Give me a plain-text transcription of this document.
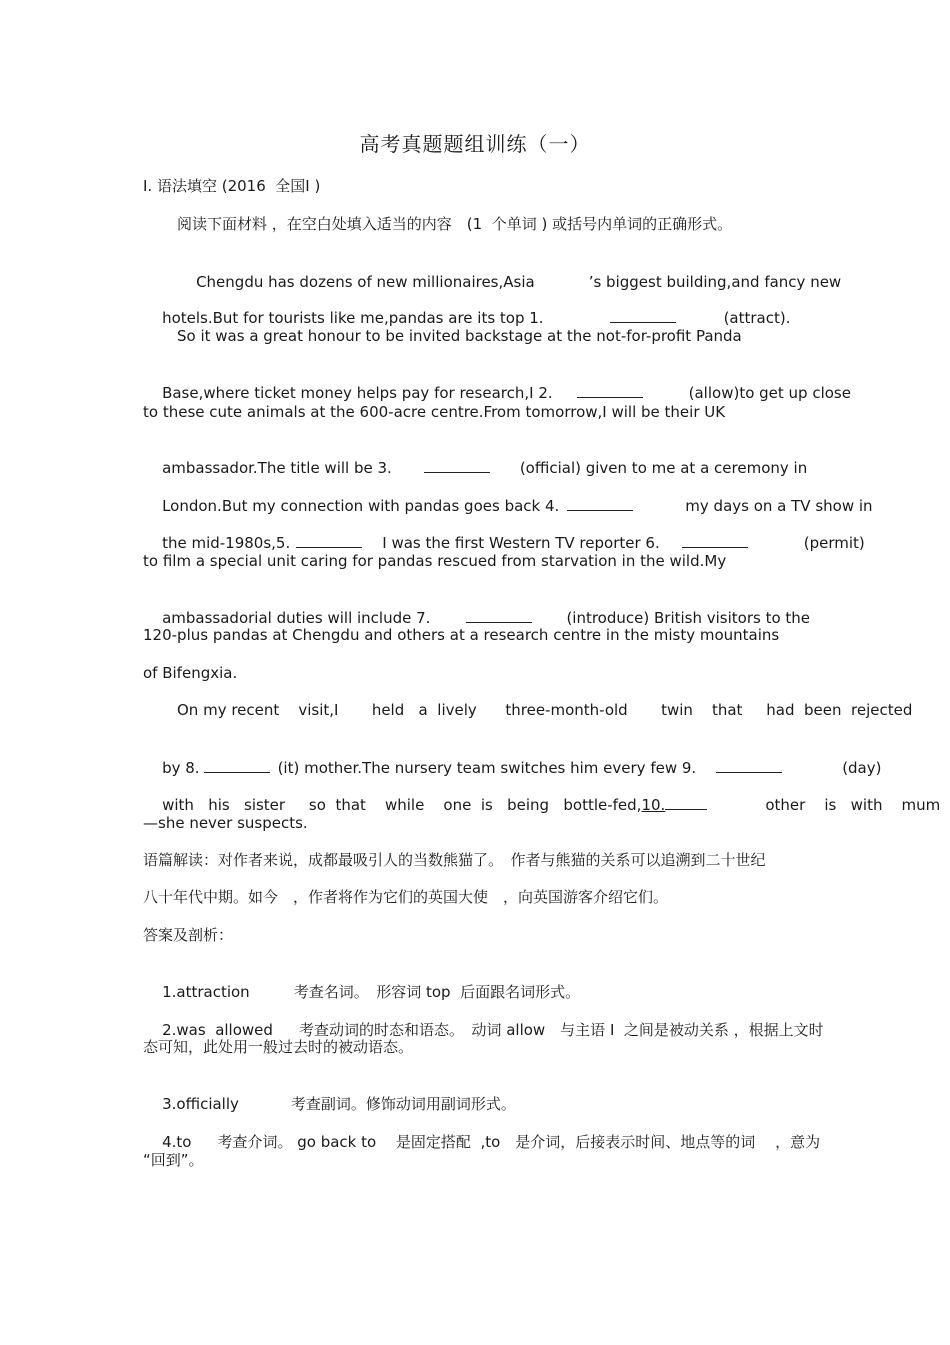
高考真题题组训练（一）
I. 语法填空 (2016  全国Ⅰ )
阅读下面材料 ，在空白处填入适当的内容　(1  个单词 ) 或括号内单词的正确形式。

Chengdu has dozens of new millionaires,Asia	’s biggest building,and fancy new

hotels.But for tourists like me,pandas are its top 1.	(attract).

So it was a great honour to be invited backstage at the not-for-profit Panda

Base,where ticket money helps pay for research,I 2.	(allow)to get up close

to these cute animals at the 600-acre centre.From tomorrow,I will be their UK

ambassador.The title will be 3.	(official) given to me at a ceremony in

London.But my connection with pandas goes back 4.	my days on a TV show in

the mid-1980s,5.	I was the first Western TV reporter 6.	(permit)

to film a special unit caring for pandas rescued from starvation in the wild.My

ambassadorial duties will include 7.	(introduce) British visitors to the

120-plus pandas at Chengdu and others at a research centre in the misty mountains
of Bifengxia.
On my recent    visit,I       held   a  lively      three-month-old       twin    that     had  been  rejected

by 8.	(it) mother.The nursery team switches him every few 9.	(day)

with   his   sister     so  that    while    one  is   being   bottle-fed,10.	other    is   with    mum

—she never suspects.
语篇解读：对作者来说，成都最吸引人的当数熊猫了。　作者与熊猫的关系可以追溯到二十世纪
八十年代中期。如今　，作者将作为它们的英国大使　，向英国游客介绍它们。
答案及剖析：

1.attraction	考查名词。　形容词 top  后面跟名词形式。

2.was  allowed 考查动词的时态和语态。　动词 allow　与主语 I  之间是被动关系 ，根据上文时

态可知，此处用一般过去时的被动语态。

3.officially	考查副词。修饰动词用副词形式。

4.to 考查介词。 go back to　 是固定搭配  ,to　是介词，后接表示时间、地点等的词　 ，意为

“回到”。
